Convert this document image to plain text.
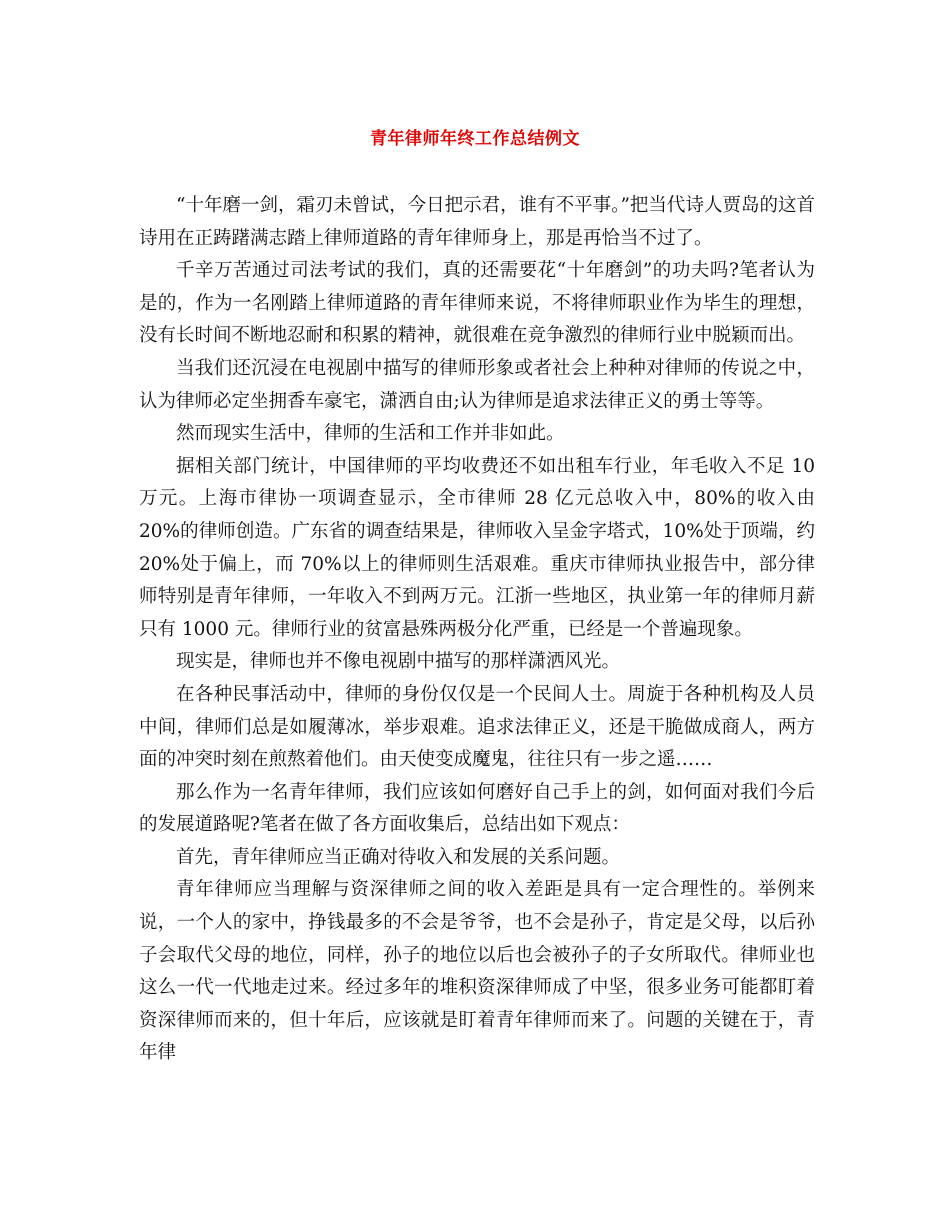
青年律师年终工作总结例文

“十年磨一剑，霜刃未曾试，今日把示君，谁有不平事。”把当代诗人贾岛的这首诗用在正踌躇满志踏上律师道路的青年律师身上，那是再恰当不过了。

千辛万苦通过司法考试的我们，真的还需要花“十年磨剑”的功夫吗?笔者认为是的，作为一名刚踏上律师道路的青年律师来说，不将律师职业作为毕生的理想，没有长时间不断地忍耐和积累的精神，就很难在竞争激烈的律师行业中脱颖而出。

当我们还沉浸在电视剧中描写的律师形象或者社会上种种对律师的传说之中，认为律师必定坐拥香车豪宅，潇洒自由;认为律师是追求法律正义的勇士等等。

然而现实生活中，律师的生活和工作并非如此。

据相关部门统计，中国律师的平均收费还不如出租车行业，年毛收入不足 10 万元。上海市律协一项调查显示，全市律师 28 亿元总收入中，80%的收入由 20%的律师创造。广东省的调查结果是，律师收入呈金字塔式，10%处于顶端，约 20%处于偏上，而 70%以上的律师则生活艰难。重庆市律师执业报告中，部分律师特别是青年律师，一年收入不到两万元。江浙一些地区，执业第一年的律师月薪只有 1000 元。律师行业的贫富悬殊两极分化严重，已经是一个普遍现象。

现实是，律师也并不像电视剧中描写的那样潇洒风光。

在各种民事活动中，律师的身份仅仅是一个民间人士。周旋于各种机构及人员中间，律师们总是如履薄冰，举步艰难。追求法律正义，还是干脆做成商人，两方面的冲突时刻在煎熬着他们。由天使变成魔鬼，往往只有一步之遥……

那么作为一名青年律师，我们应该如何磨好自己手上的剑，如何面对我们今后的发展道路呢?笔者在做了各方面收集后，总结出如下观点：

首先，青年律师应当正确对待收入和发展的关系问题。

青年律师应当理解与资深律师之间的收入差距是具有一定合理性的。举例来说，一个人的家中，挣钱最多的不会是爷爷，也不会是孙子，肯定是父母，以后孙子会取代父母的地位，同样，孙子的地位以后也会被孙子的子女所取代。律师业也这么一代一代地走过来。经过多年的堆积资深律师成了中坚，很多业务可能都盯着资深律师而来的，但十年后，应该就是盯着青年律师而来了。问题的关键在于，青年律
